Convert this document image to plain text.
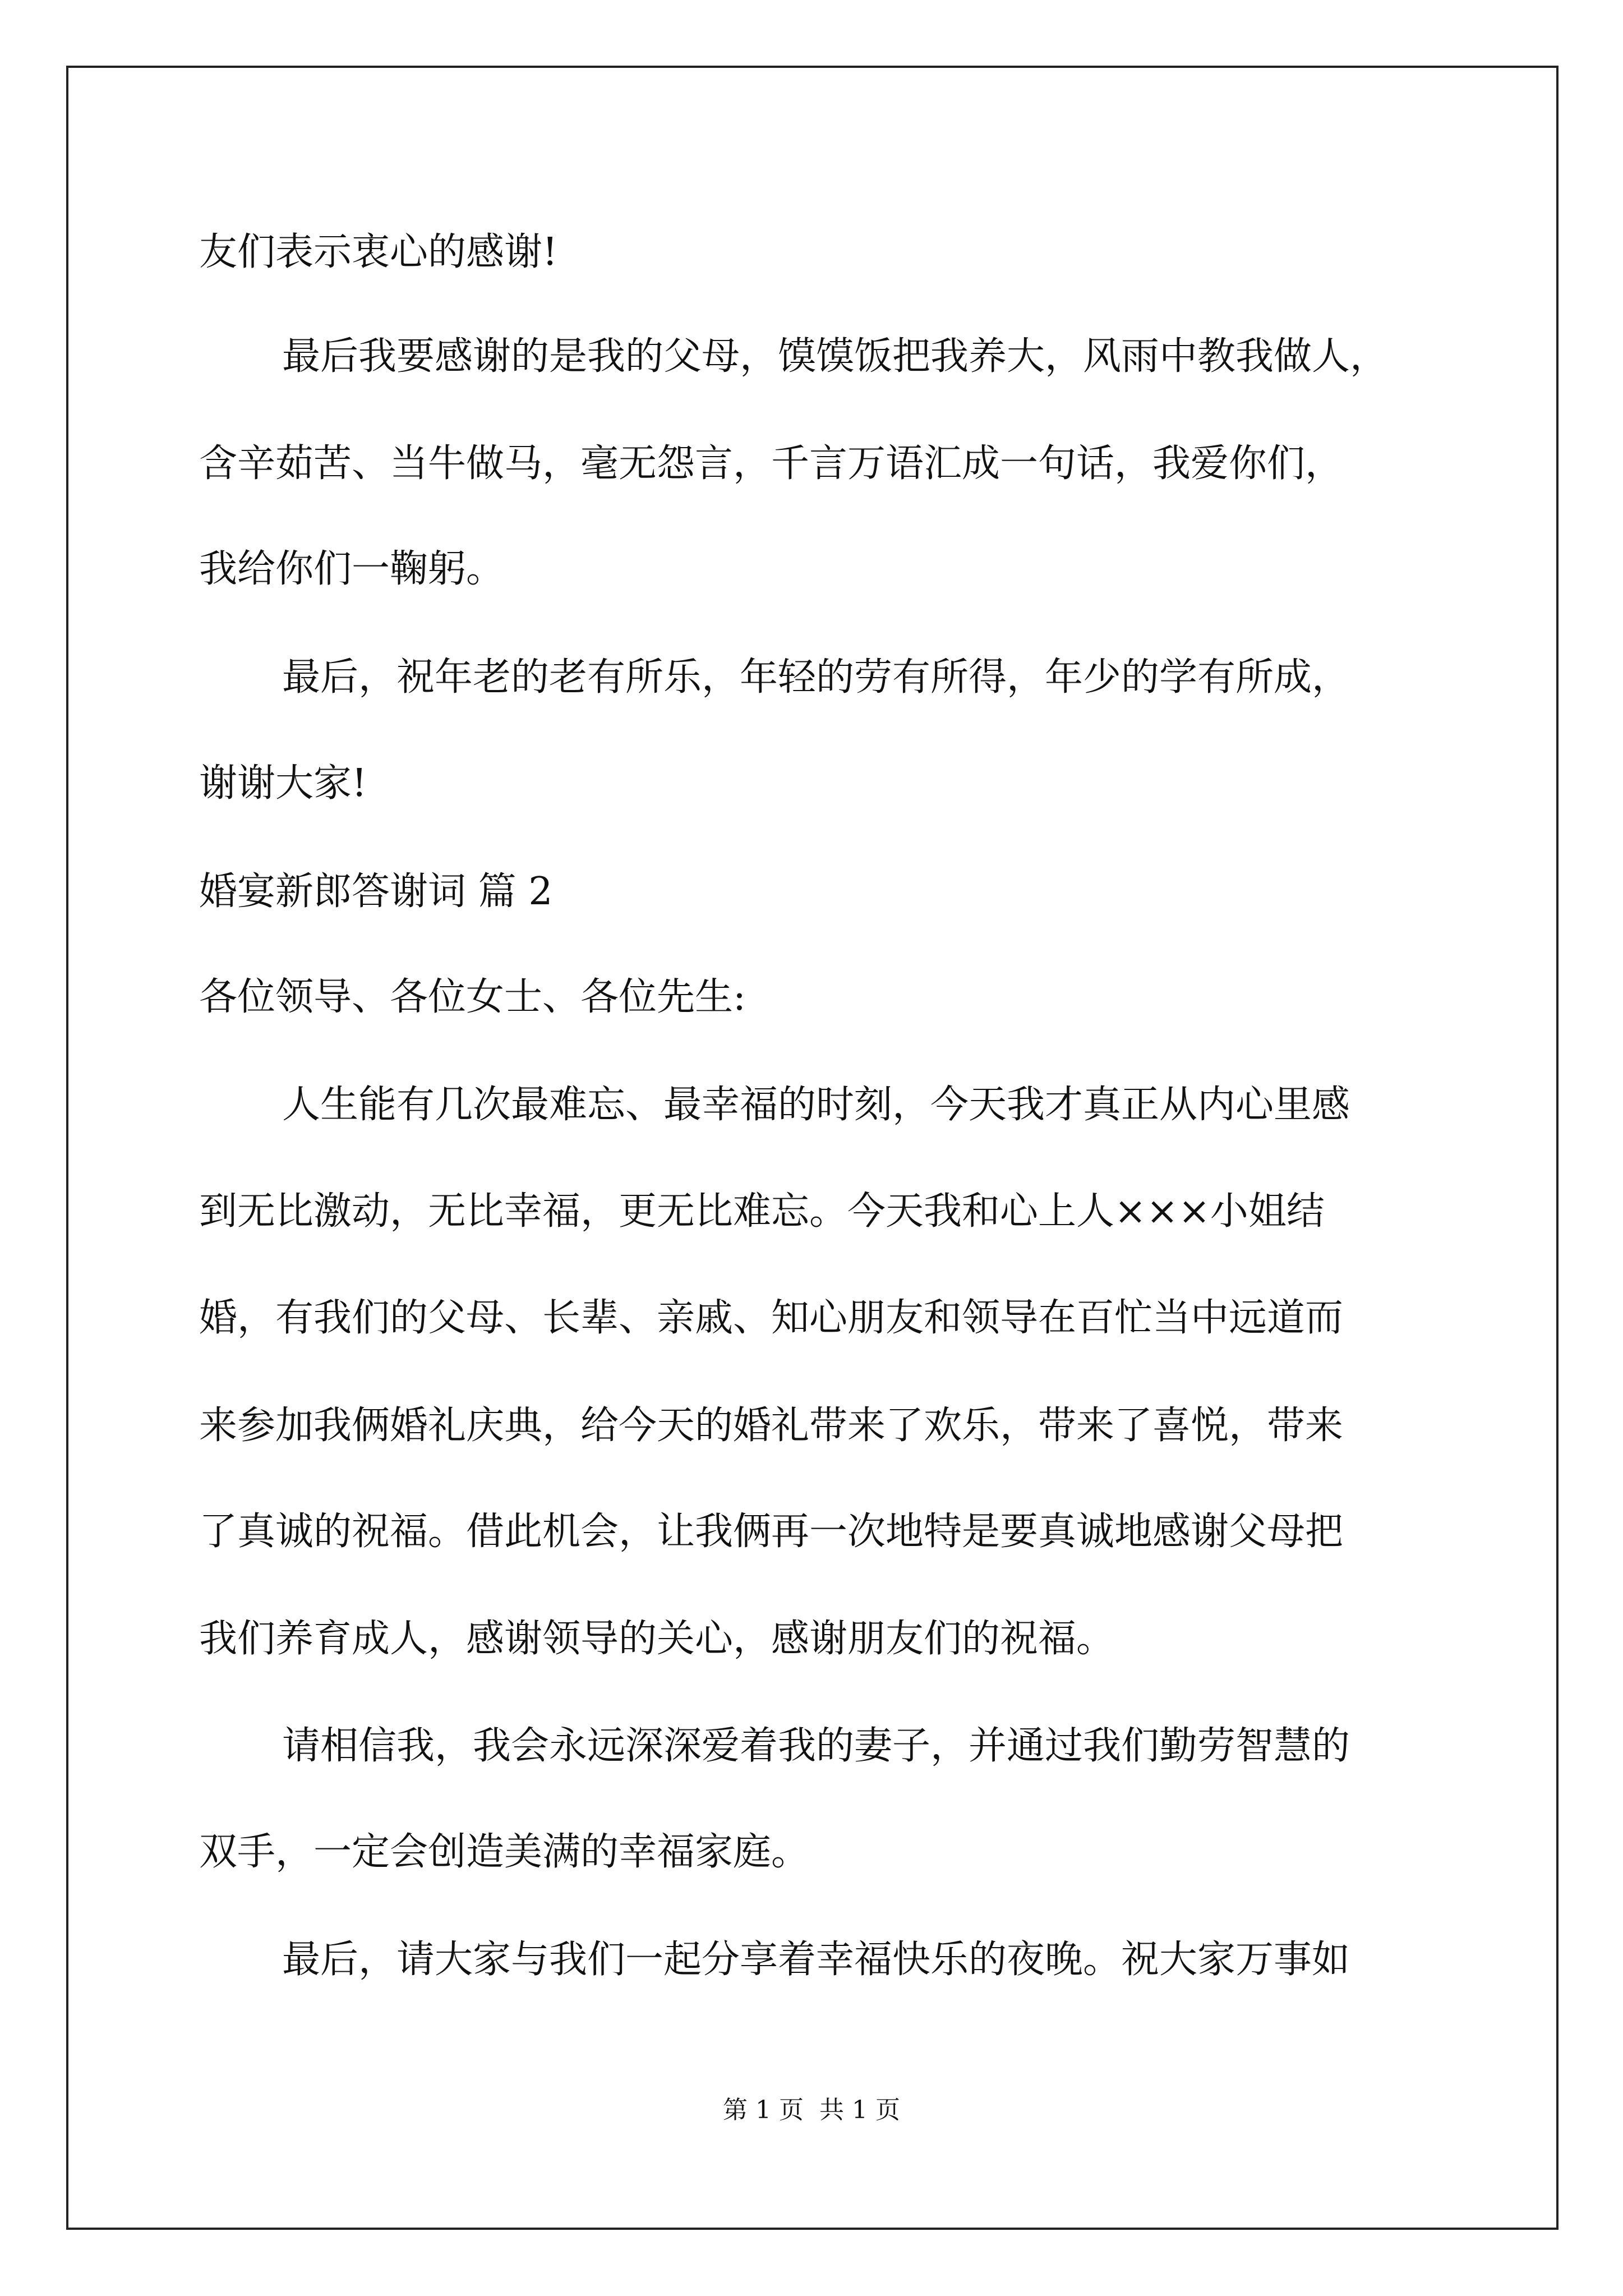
友们表示衷心的感谢!
最后我要感谢的是我的父母，馍馍饭把我养大，风雨中教我做人，
含辛茹苦、当牛做马，毫无怨言，千言万语汇成一句话，我爱你们，
我给你们一鞠躬。
最后，祝年老的老有所乐，年轻的劳有所得，年少的学有所成，
谢谢大家!
婚宴新郎答谢词 篇 2
各位领导、各位女士、各位先生:
人生能有几次最难忘、最幸福的时刻，今天我才真正从内心里感
到无比激动，无比幸福，更无比难忘。今天我和心上人×××小姐结
婚，有我们的父母、长辈、亲戚、知心朋友和领导在百忙当中远道而
来参加我俩婚礼庆典，给今天的婚礼带来了欢乐，带来了喜悦，带来
了真诚的祝福。借此机会，让我俩再一次地特是要真诚地感谢父母把
我们养育成人，感谢领导的关心，感谢朋友们的祝福。
请相信我，我会永远深深爱着我的妻子，并通过我们勤劳智慧的
双手，一定会创造美满的幸福家庭。
最后，请大家与我们一起分享着幸福快乐的夜晚。祝大家万事如
第 1 页 共 1 页
